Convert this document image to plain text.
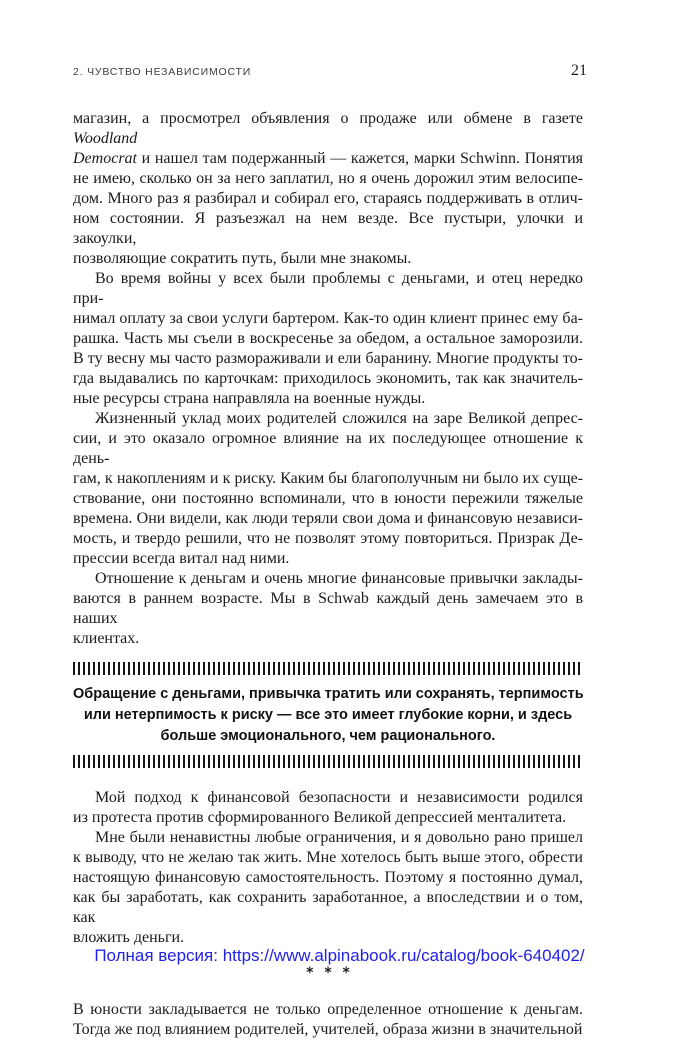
2. ЧУВСТВО НЕЗАВИСИМОСТИ	21
магазин, а просмотрел объявления о продаже или обмене в газете Woodland
Democrat и нашел там подержанный — кажется, марки Schwinn. Понятия
не имею, сколько он за него заплатил, но я очень дорожил этим велосипе-
дом. Много раз я разбирал и собирал его, стараясь поддерживать в отлич-
ном состоянии. Я разъезжал на нем везде. Все пустыри, улочки и закоулки,
позволяющие сократить путь, были мне знакомы.
Во время войны у всех были проблемы с деньгами, и отец нередко при-
нимал оплату за свои услуги бартером. Как-то один клиент принес ему ба-
рашка. Часть мы съели в воскресенье за обедом, а остальное заморозили.
В ту весну мы часто размораживали и ели баранину. Многие продукты то-
гда выдавались по карточкам: приходилось экономить, так как значитель-
ные ресурсы страна направляла на военные нужды.
Жизненный уклад моих родителей сложился на заре Великой депрес-
сии, и это оказало огромное влияние на их последующее отношение к день-
гам, к накоплениям и к риску. Каким бы благополучным ни было их суще-
ствование, они постоянно вспоминали, что в юности пережили тяжелые
времена. Они видели, как люди теряли свои дома и финансовую независи-
мость, и твердо решили, что не позволят этому повториться. Призрак Де-
прессии всегда витал над ними.
Отношение к деньгам и очень многие финансовые привычки заклады-
ваются в раннем возрасте. Мы в Schwab каждый день замечаем это в наших
клиентах.
Обращение с деньгами, привычка тратить или сохранять, терпимость
или нетерпимость к риску — все это имеет глубокие корни, и здесь
больше эмоционального, чем рационального.
Мой подход к финансовой безопасности и независимости родился
из протеста против сформированного Великой депрессией менталитета.
Мне были ненавистны любые ограничения, и я довольно рано пришел
к выводу, что не желаю так жить. Мне хотелось быть выше этого, обрести
настоящую финансовую самостоятельность. Поэтому я постоянно думал,
как бы заработать, как сохранить заработанное, а впоследствии и о том, как
вложить деньги.
* * *
В юности закладывается не только определенное отношение к деньгам.
Тогда же под влиянием родителей, учителей, образа жизни в значительной
Полная версия: https://www.alpinabook.ru/catalog/book-640402/
